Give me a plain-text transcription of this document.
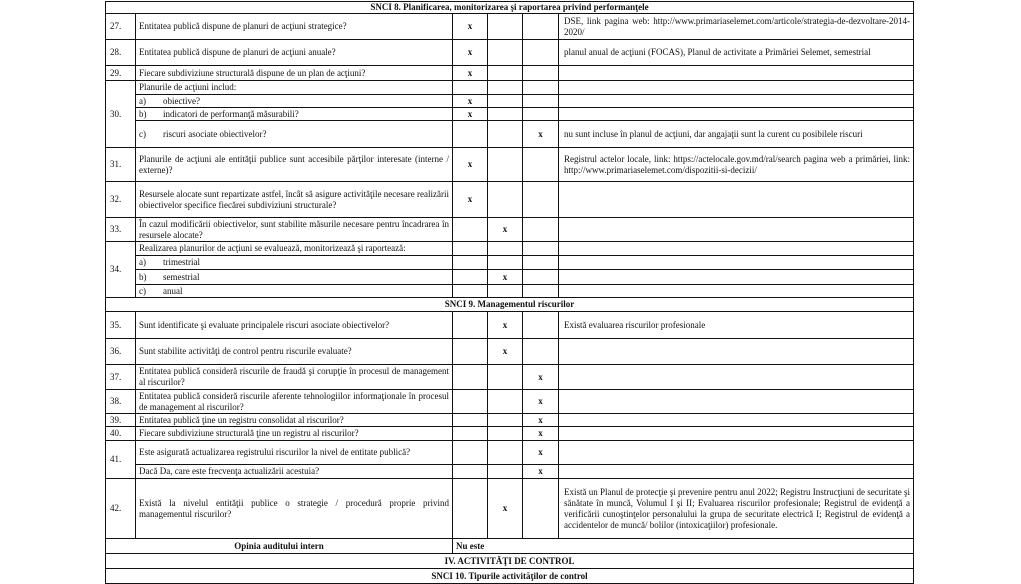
SNCI 8. Planificarea, monitorizarea şi raportarea privind performanţele					
27.	Entitatea publică dispune de planuri de acţiuni strategice?	x			DSE, link pagina web: http://www.primariaselemet.com/articole/strategia-de-dezvoltare-2014-2020/
28.	Entitatea publică dispune de planuri de acţiuni anuale?	x			planul anual de acţiuni (FOCAS), Planul de activitate a Primăriei Selemet, semestrial
29.	Fiecare subdiviziune structurală dispune de un plan de acţiuni?	x			
30.	Planurile de acţiuni includ:				
	a) obiective?	x			
	b) indicatori de performanţă măsurabili?	x			
	c) riscuri asociate obiectivelor?			x	nu sunt incluse în planul de acţiuni, dar angajaţii sunt la curent cu posibilele riscuri
31.	Planurile de acţiuni ale entităţii publice sunt accesibile părţilor interesate (interne / externe)?	x			Registrul actelor locale, link: https://actelocale.gov.md/ral/search pagina web a primăriei, link: http://www.primariaselemet.com/dispozitii-si-decizii/
32.	Resursele alocate sunt repartizate astfel, încât să asigure activităţile necesare realizării obiectivelor specifice fiecărei subdiviziuni structurale?	x			
33.	În cazul modificării obiectivelor, sunt stabilite măsurile necesare pentru încadrarea în resursele alocate?		x		
34.	Realizarea planurilor de acţiuni se evaluează, monitorizează şi raportează:				
	a) trimestrial				
	b) semestrial		x		
	c) anual				
SNCI 9. Managementul riscurilor					
35.	Sunt identificate şi evaluate principalele riscuri asociate obiectivelor?		x		Există evaluarea riscurilor profesionale
36.	Sunt stabilite activităţi de control pentru riscurile evaluate?		x		
37.	Entitatea publică consideră riscurile de fraudă şi corupţie în procesul de management al riscurilor?			x	
38.	Entitatea publică consideră riscurile aferente tehnologiilor informaţionale în procesul de management al riscurilor?			x	
39.	Entitatea publică ţine un registru consolidat al riscurilor?			x	
40.	Fiecare subdiviziune structurală ţine un registru al riscurilor?			x	
41.	Este asigurată actualizarea registrului riscurilor la nivel de entitate publică?			x	
	Dacă Da, care este frecvenţa actualizării acestuia?			x	
42.	Există la nivelul entităţii publice o strategie / procedură proprie privind managementul riscurilor?		x		Există un Planul de protecţie şi prevenire pentru anul 2022; Registru Instrucţiuni de securitate şi sănătate în muncă, Volumul I şi II; Evaluarea riscurilor profesionale; Registrul de evidenţă a verificării cunoştinţelor personalului la grupa de securitate electrică I; Registrul de evidenţă a accidentelor de muncă/ bolilor (intoxicaţiilor) profesionale.
Opinia auditului intern		Nu este			
IV. ACTIVITĂŢI DE CONTROL					
SNCI 10. Tipurile activităţilor de control					
